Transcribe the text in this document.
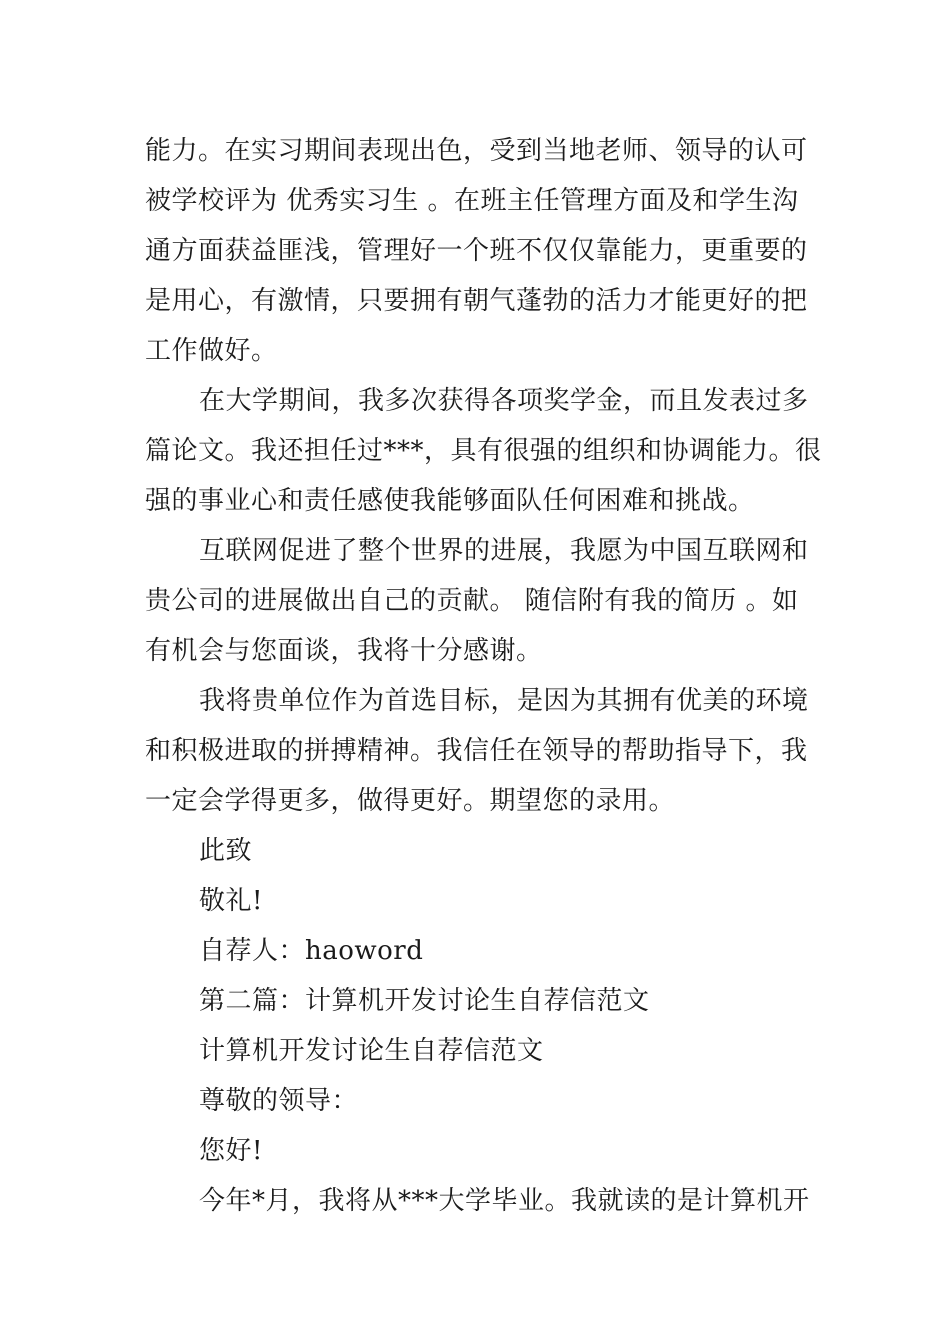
能力。在实习期间表现出色，受到当地老师、领导的认可
被学校评为 优秀实习生 。在班主任管理方面及和学生沟
通方面获益匪浅，管理好一个班不仅仅靠能力，更重要的
是用心，有激情，只要拥有朝气蓬勃的活力才能更好的把
工作做好。
在大学期间，我多次获得各项奖学金，而且发表过多
篇论文。我还担任过***，具有很强的组织和协调能力。很
强的事业心和责任感使我能够面队任何困难和挑战。
互联网促进了整个世界的进展，我愿为中国互联网和
贵公司的进展做出自己的贡献。 随信附有我的简历 。如
有机会与您面谈，我将十分感谢。
我将贵单位作为首选目标，是因为其拥有优美的环境
和积极进取的拼搏精神。我信任在领导的帮助指导下，我
一定会学得更多，做得更好。期望您的录用。
此致
敬礼!
自荐人：haoword
第二篇：计算机开发讨论生自荐信范文
计算机开发讨论生自荐信范文
尊敬的领导：
您好!
今年*月，我将从***大学毕业。我就读的是计算机开
